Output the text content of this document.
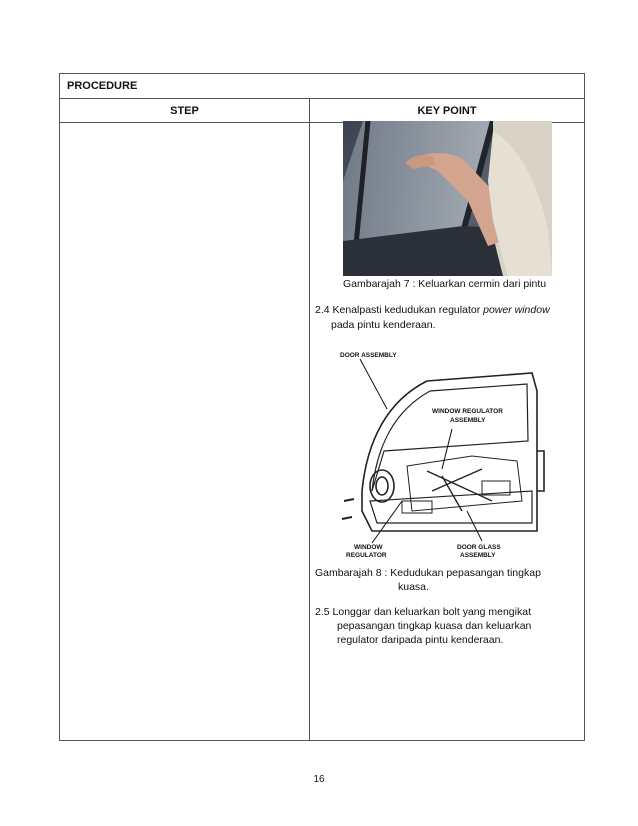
PROCEDURE
STEP	KEY POINT
Gambarajah 7 : Keluarkan cermin dari pintu
2.4 Kenalpasti kedudukan regulator power window
pada pintu kenderaan.
DOOR ASSEMBLY
WINDOW REGULATOR
ASSEMBLY
WINDOW
REGULATOR
DOOR GLASS
ASSEMBLY
Gambarajah 8 : Kedudukan pepasangan tingkap
kuasa.
2.5 Longgar dan keluarkan bolt yang mengikat
pepasangan tingkap kuasa dan keluarkan
regulator daripada pintu kenderaan.
16
